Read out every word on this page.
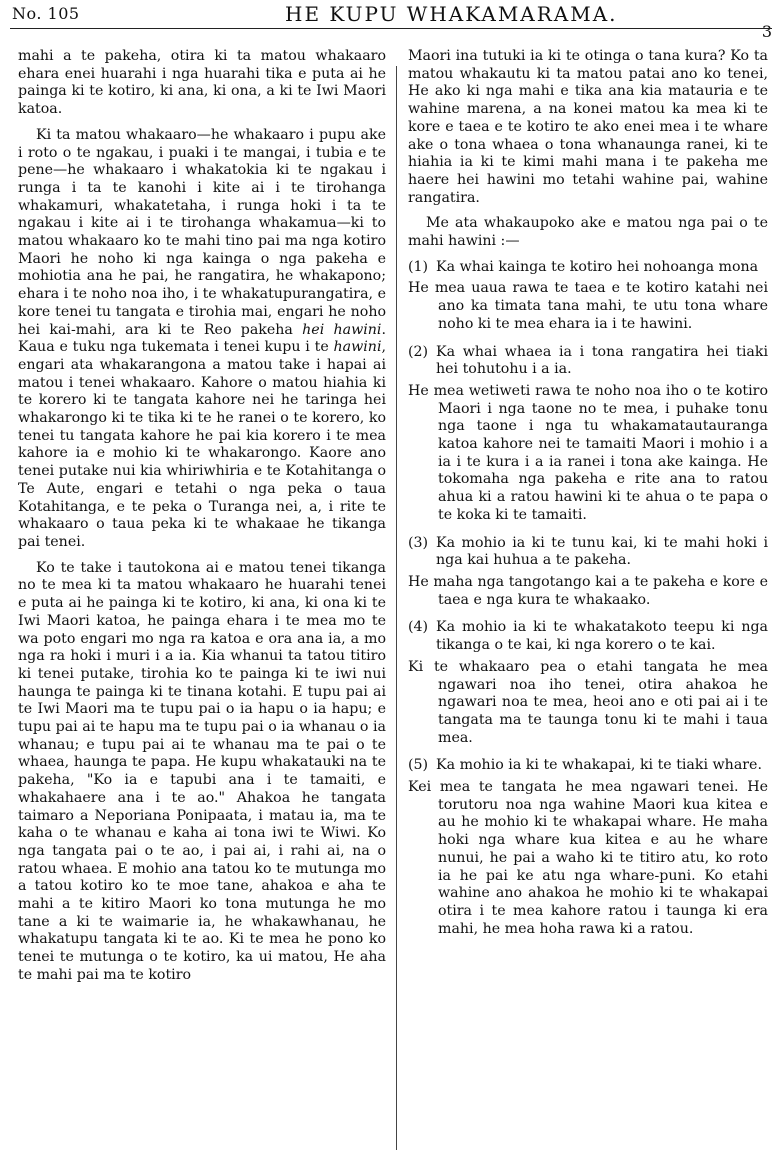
No. 105	HE KUPU WHAKAMARAMA.
3

mahi a te pakeha, otira ki ta matou whakaaro ehara enei huarahi i nga huarahi tika e puta ai he painga ki te kotiro, ki ana, ki ona, a ki te Iwi Maori katoa.

Ki ta matou whakaaro—he whakaaro i pupu ake i roto o te ngakau, i puaki i te mangai, i tubia e te pene—he whakaaro i whakatokia ki te ngakau i runga i ta te kanohi i kite ai i te tirohanga whakamuri, whakatetaha, i runga hoki i ta te ngakau i kite ai i te tirohanga whakamua—ki to matou whakaaro ko te mahi tino pai ma nga kotiro Maori he noho ki nga kainga o nga pakeha e mohiotia ana he pai, he rangatira, he whakapono; ehara i te noho noa iho, i te whakatupurangatira, e kore tenei tu tangata e tirohia mai, engari he noho hei kai-mahi, ara ki te Reo pakeha hei hawini. Kaua e tuku nga tukemata i tenei kupu i te hawini, engari ata whakarangona a matou take i hapai ai matou i tenei whakaaro. Kahore o matou hiahia ki te korero ki te tangata kahore nei he taringa hei whakarongo ki te tika ki te he ranei o te korero, ko tenei tu tangata kahore he pai kia korero i te mea kahore ia e mohio ki te whakarongo. Kaore ano tenei putake nui kia whiriwhiria e te Kotahitanga o Te Aute, engari e tetahi o nga peka o taua Kotahitanga, e te peka o Turanga nei, a, i rite te whakaaro o taua peka ki te whakaae he tikanga pai tenei.

Ko te take i tautokona ai e matou tenei tikanga no te mea ki ta matou whakaaro he huarahi tenei e puta ai he painga ki te kotiro, ki ana, ki ona ki te Iwi Maori katoa, he painga ehara i te mea mo te wa poto engari mo nga ra katoa e ora ana ia, a mo nga ra hoki i muri i a ia. Kia whanui ta tatou titiro ki tenei putake, tirohia ko te painga ki te iwi nui haunga te painga ki te tinana kotahi. E tupu pai ai te Iwi Maori ma te tupu pai o ia hapu o ia hapu; e tupu pai ai te hapu ma te tupu pai o ia whanau o ia whanau; e tupu pai ai te whanau ma te pai o te whaea, haunga te papa. He kupu whakatauki na te pakeha, "Ko ia e tapubi ana i te tamaiti, e whakahaere ana i te ao." Ahakoa he tangata taimaro a Neporiana Ponipaata, i matau ia, ma te kaha o te whanau e kaha ai tona iwi te Wiwi. Ko nga tangata pai o te ao, i pai ai, i rahi ai, na o ratou whaea. E mohio ana tatou ko te mutunga mo a tatou kotiro ko te moe tane, ahakoa e aha te mahi a te kitiro Maori ko tona mutunga he mo tane a ki te waimarie ia, he whakawhanau, he whakatupu tangata ki te ao. Ki te mea he pono ko tenei te mutunga o te kotiro, ka ui matou, He aha te mahi pai ma te kotiro

Maori ina tutuki ia ki te otinga o tana kura? Ko ta matou whakautu ki ta matou patai ano ko tenei, He ako ki nga mahi e tika ana kia matauria e te wahine marena, a na konei matou ka mea ki te kore e taea e te kotiro te ako enei mea i te whare ake o tona whaea o tona whanaunga ranei, ki te hiahia ia ki te kimi mahi mana i te pakeha me haere hei hawini mo tetahi wahine pai, wahine rangatira.

Me ata whakaupoko ake e matou nga pai o te mahi hawini :—

(1) Ka whai kainga te kotiro hei nohoanga mona

He mea uaua rawa te taea e te kotiro katahi nei ano ka timata tana mahi, te utu tona whare noho ki te mea ehara ia i te hawini.

(2) Ka whai whaea ia i tona rangatira hei tiaki hei tohutohu i a ia.

He mea wetiweti rawa te noho noa iho o te kotiro Maori i nga taone no te mea, i puhake tonu nga taone i nga tu whakamatautauranga katoa kahore nei te tamaiti Maori i mohio i a ia i te kura i a ia ranei i tona ake kainga. He tokomaha nga pakeha e rite ana to ratou ahua ki a ratou hawini ki te ahua o te papa o te koka ki te tamaiti.

(3) Ka mohio ia ki te tunu kai, ki te mahi hoki i nga kai huhua a te pakeha.

He maha nga tangotango kai a te pakeha e kore e taea e nga kura te whakaako.

(4) Ka mohio ia ki te whakatakoto teepu ki nga tikanga o te kai, ki nga korero o te kai.

Ki te whakaaro pea o etahi tangata he mea ngawari noa iho tenei, otira ahakoa he ngawari noa te mea, heoi ano e oti pai ai i te tangata ma te taunga tonu ki te mahi i taua mea.

(5) Ka mohio ia ki te whakapai, ki te tiaki whare.

Kei mea te tangata he mea ngawari tenei. He torutoru noa nga wahine Maori kua kitea e au he mohio ki te whakapai whare. He maha hoki nga whare kua kitea e au he whare nunui, he pai a waho ki te titiro atu, ko roto ia he pai ke atu nga whare-puni. Ko etahi wahine ano ahakoa he mohio ki te whakapai otira i te mea kahore ratou i taunga ki era mahi, he mea hoha rawa ki a ratou.
